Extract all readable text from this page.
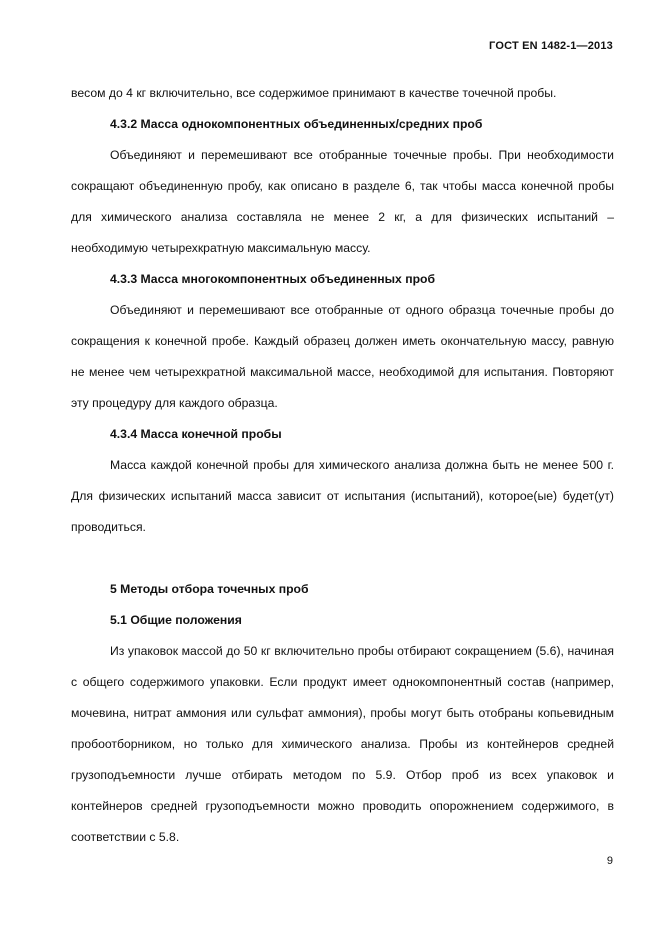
ГОСТ EN 1482-1—2013

весом до 4 кг включительно, все содержимое принимают в качестве точечной пробы.

4.3.2 Масса однокомпонентных объединенных/средних проб

Объединяют и перемешивают все отобранные точечные пробы. При необходимости сокращают объединенную пробу, как описано в разделе 6, так чтобы масса конечной пробы для химического анализа составляла не менее 2 кг, а для физических испытаний – необходимую четырехкратную максимальную массу.

4.3.3 Масса многокомпонентных объединенных проб

Объединяют и перемешивают все отобранные от одного образца точечные пробы до сокращения к конечной пробе. Каждый образец должен иметь окончательную массу, равную не менее чем четырехкратной максимальной массе, необходимой для испытания. Повторяют эту процедуру для каждого образца.

4.3.4 Масса конечной пробы

Масса каждой конечной пробы для химического анализа должна быть не менее 500 г. Для физических испытаний масса зависит от испытания (испытаний), которое(ые) будет(ут) проводиться.

5 Методы отбора точечных проб

5.1 Общие положения

Из упаковок массой до 50 кг включительно пробы отбирают сокращением (5.6), начиная с общего содержимого упаковки. Если продукт имеет однокомпонентный состав (например, мочевина, нитрат аммония или сульфат аммония), пробы могут быть отобраны копьевидным пробоотборником, но только для химического анализа. Пробы из контейнеров средней грузоподъемности лучше отбирать методом по 5.9. Отбор проб из всех упаковок и контейнеров средней грузоподъемности можно проводить опорожнением содержимого, в соответствии с 5.8.

9
